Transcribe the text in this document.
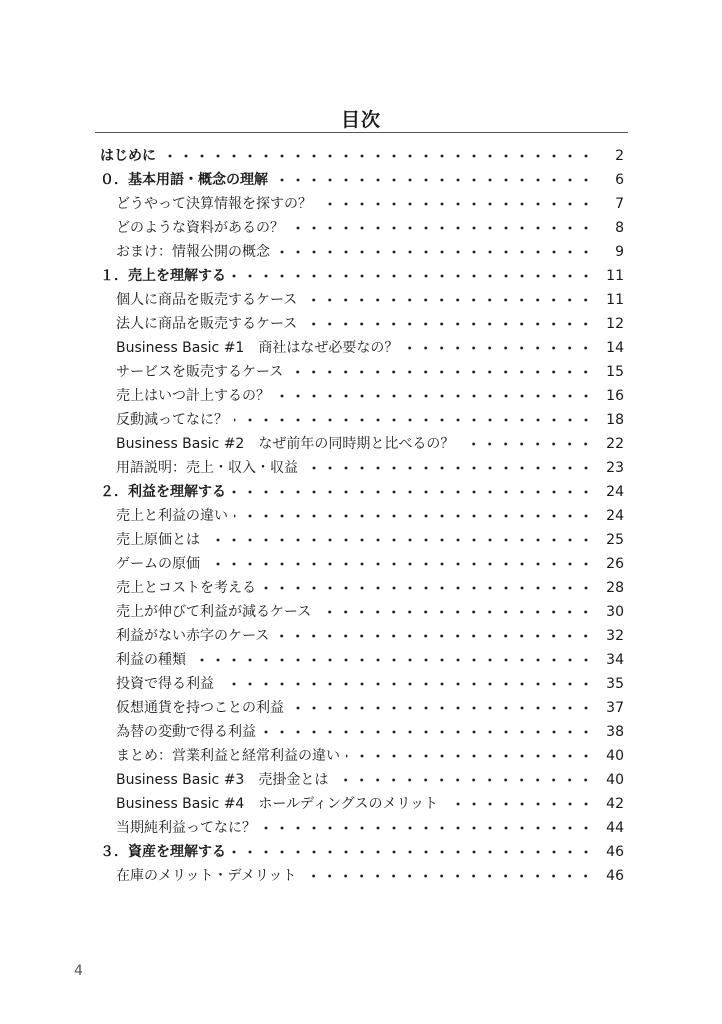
目次
はじめに	2
０．基本用語・概念の理解	6
どうやって決算情報を探すの？	7
どのような資料があるの？	8
おまけ：情報公開の概念	9
１．売上を理解する	11
個人に商品を販売するケース	11
法人に商品を販売するケース	12
Business Basic #1　商社はなぜ必要なの？	14
サービスを販売するケース	15
売上はいつ計上するの？	16
反動減ってなに？	18
Business Basic #2　なぜ前年の同時期と比べるの？	22
用語説明：売上・収入・収益	23
２．利益を理解する	24
売上と利益の違い	24
売上原価とは	25
ゲームの原価	26
売上とコストを考える	28
売上が伸びて利益が減るケース	30
利益がない赤字のケース	32
利益の種類	34
投資で得る利益	35
仮想通貨を持つことの利益	37
為替の変動で得る利益	38
まとめ：営業利益と経常利益の違い	40
Business Basic #3　売掛金とは	40
Business Basic #4　ホールディングスのメリット	42
当期純利益ってなに？	44
３．資産を理解する	46
在庫のメリット・デメリット	46
4
